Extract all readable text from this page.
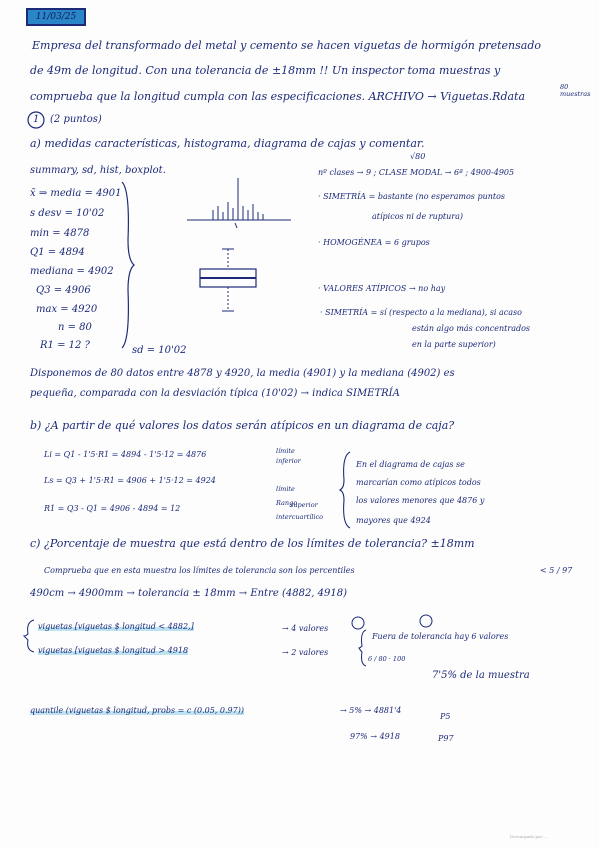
11/03/25
Empresa del transformado del metal y cemento se hacen viguetas de hormigón pretensado
de 49m de longitud. Con una tolerancia de ±18mm !! Un inspector toma muestras y
comprueba que la longitud cumpla con las especificaciones. ARCHIVO → Viguetas.Rdata
80 muestras
1 (2 puntos)
a) medidas características, histograma, diagrama de cajas y comentar.
√80
summary, sd, hist, boxplot.
x̄ ⇒ media = 4901
s desv = 10'02
min = 4878
Q1 = 4894
mediana = 4902
Q3 = 4906
max = 4920
n = 80
R1 = 12 ?	sd = 10'02
nº clases → 9 ; CLASE MODAL → 6ª ; 4900-4905
· SIMETRÍA = bastante (no esperamos puntos
atípicos ni de ruptura)
· HOMOGÉNEA = 6 grupos
· VALORES ATÍPICOS → no hay
· SIMETRÍA = sí (respecto a la mediana), si acaso
están algo más concentrados
en la parte superior)
Disponemos de 80 datos entre 4878 y 4920, la media (4901) y la mediana (4902) es
pequeña, comparada con la desviación típica (10'02) → indica SIMETRÍA
b) ¿A partir de qué valores los datos serán atípicos en un diagrama de caja?
Li = Q1 - 1'5·R1 = 4894 - 1'5·12 = 4876
Ls = Q3 + 1'5·R1 = 4906 + 1'5·12 = 4924
R1 = Q3 - Q1 = 4906 - 4894 = 12
límite
inferior
límite
superior
Rango
intercuartílico
En el diagrama de cajas se
marcarían como atípicos todos
los valores menores que 4876 y
mayores que 4924
c) ¿Porcentaje de muestra que está dentro de los límites de tolerancia? ±18mm
Comprueba que en esta muestra los límites de tolerancia son los percentiles	< 5 / 97
490cm → 4900mm → tolerancia ± 18mm → Entre (4882, 4918)
viguetas [viguetas $ longitud < 4882,]
viguetas [viguetas $ longitud > 4918
→ 4 valores
→ 2 valores
Fuera de tolerancia hay 6 valores
6 / 80 · 100
7'5% de la muestra
quantile (viguetas $ longitud, probs = c (0.05, 0.97))	→ 5% → 4881'4
P5
97% → 4918	P97
Descargado por ...
